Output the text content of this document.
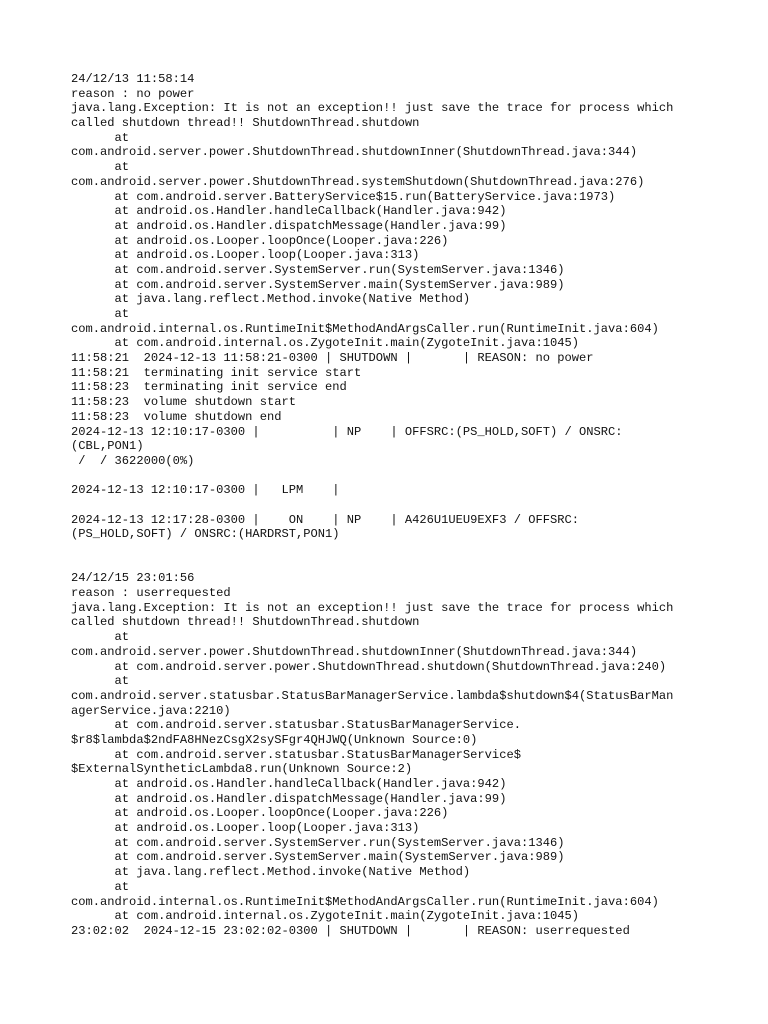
24/12/13 11:58:14
reason : no power
java.lang.Exception: It is not an exception!! just save the trace for process which
called shutdown thread!! ShutdownThread.shutdown
at
com.android.server.power.ShutdownThread.shutdownInner(ShutdownThread.java:344)
at
com.android.server.power.ShutdownThread.systemShutdown(ShutdownThread.java:276)
at com.android.server.BatteryService$15.run(BatteryService.java:1973)
at android.os.Handler.handleCallback(Handler.java:942)
at android.os.Handler.dispatchMessage(Handler.java:99)
at android.os.Looper.loopOnce(Looper.java:226)
at android.os.Looper.loop(Looper.java:313)
at com.android.server.SystemServer.run(SystemServer.java:1346)
at com.android.server.SystemServer.main(SystemServer.java:989)
at java.lang.reflect.Method.invoke(Native Method)
at
com.android.internal.os.RuntimeInit$MethodAndArgsCaller.run(RuntimeInit.java:604)
at com.android.internal.os.ZygoteInit.main(ZygoteInit.java:1045)
11:58:21  2024-12-13 11:58:21-0300 | SHUTDOWN |       | REASON: no power
11:58:21  terminating init service start
11:58:23  terminating init service end
11:58:23  volume shutdown start
11:58:23  volume shutdown end
2024-12-13 12:10:17-0300 |          | NP    | OFFSRC:(PS_HOLD,SOFT) / ONSRC:
(CBL,PON1)
/  / 3622000(0%)
2024-12-13 12:10:17-0300 |   LPM    |
2024-12-13 12:17:28-0300 |    ON    | NP    | A426U1UEU9EXF3 / OFFSRC:
(PS_HOLD,SOFT) / ONSRC:(HARDRST,PON1)
24/12/15 23:01:56
reason : userrequested
java.lang.Exception: It is not an exception!! just save the trace for process which
called shutdown thread!! ShutdownThread.shutdown
at
com.android.server.power.ShutdownThread.shutdownInner(ShutdownThread.java:344)
at com.android.server.power.ShutdownThread.shutdown(ShutdownThread.java:240)
at
com.android.server.statusbar.StatusBarManagerService.lambda$shutdown$4(StatusBarMan
agerService.java:2210)
at com.android.server.statusbar.StatusBarManagerService.
$r8$lambda$2ndFA8HNezCsgX2sySFgr4QHJWQ(Unknown Source:0)
at com.android.server.statusbar.StatusBarManagerService$
$ExternalSyntheticLambda8.run(Unknown Source:2)
at android.os.Handler.handleCallback(Handler.java:942)
at android.os.Handler.dispatchMessage(Handler.java:99)
at android.os.Looper.loopOnce(Looper.java:226)
at android.os.Looper.loop(Looper.java:313)
at com.android.server.SystemServer.run(SystemServer.java:1346)
at com.android.server.SystemServer.main(SystemServer.java:989)
at java.lang.reflect.Method.invoke(Native Method)
at
com.android.internal.os.RuntimeInit$MethodAndArgsCaller.run(RuntimeInit.java:604)
at com.android.internal.os.ZygoteInit.main(ZygoteInit.java:1045)
23:02:02  2024-12-15 23:02:02-0300 | SHUTDOWN |       | REASON: userrequested
